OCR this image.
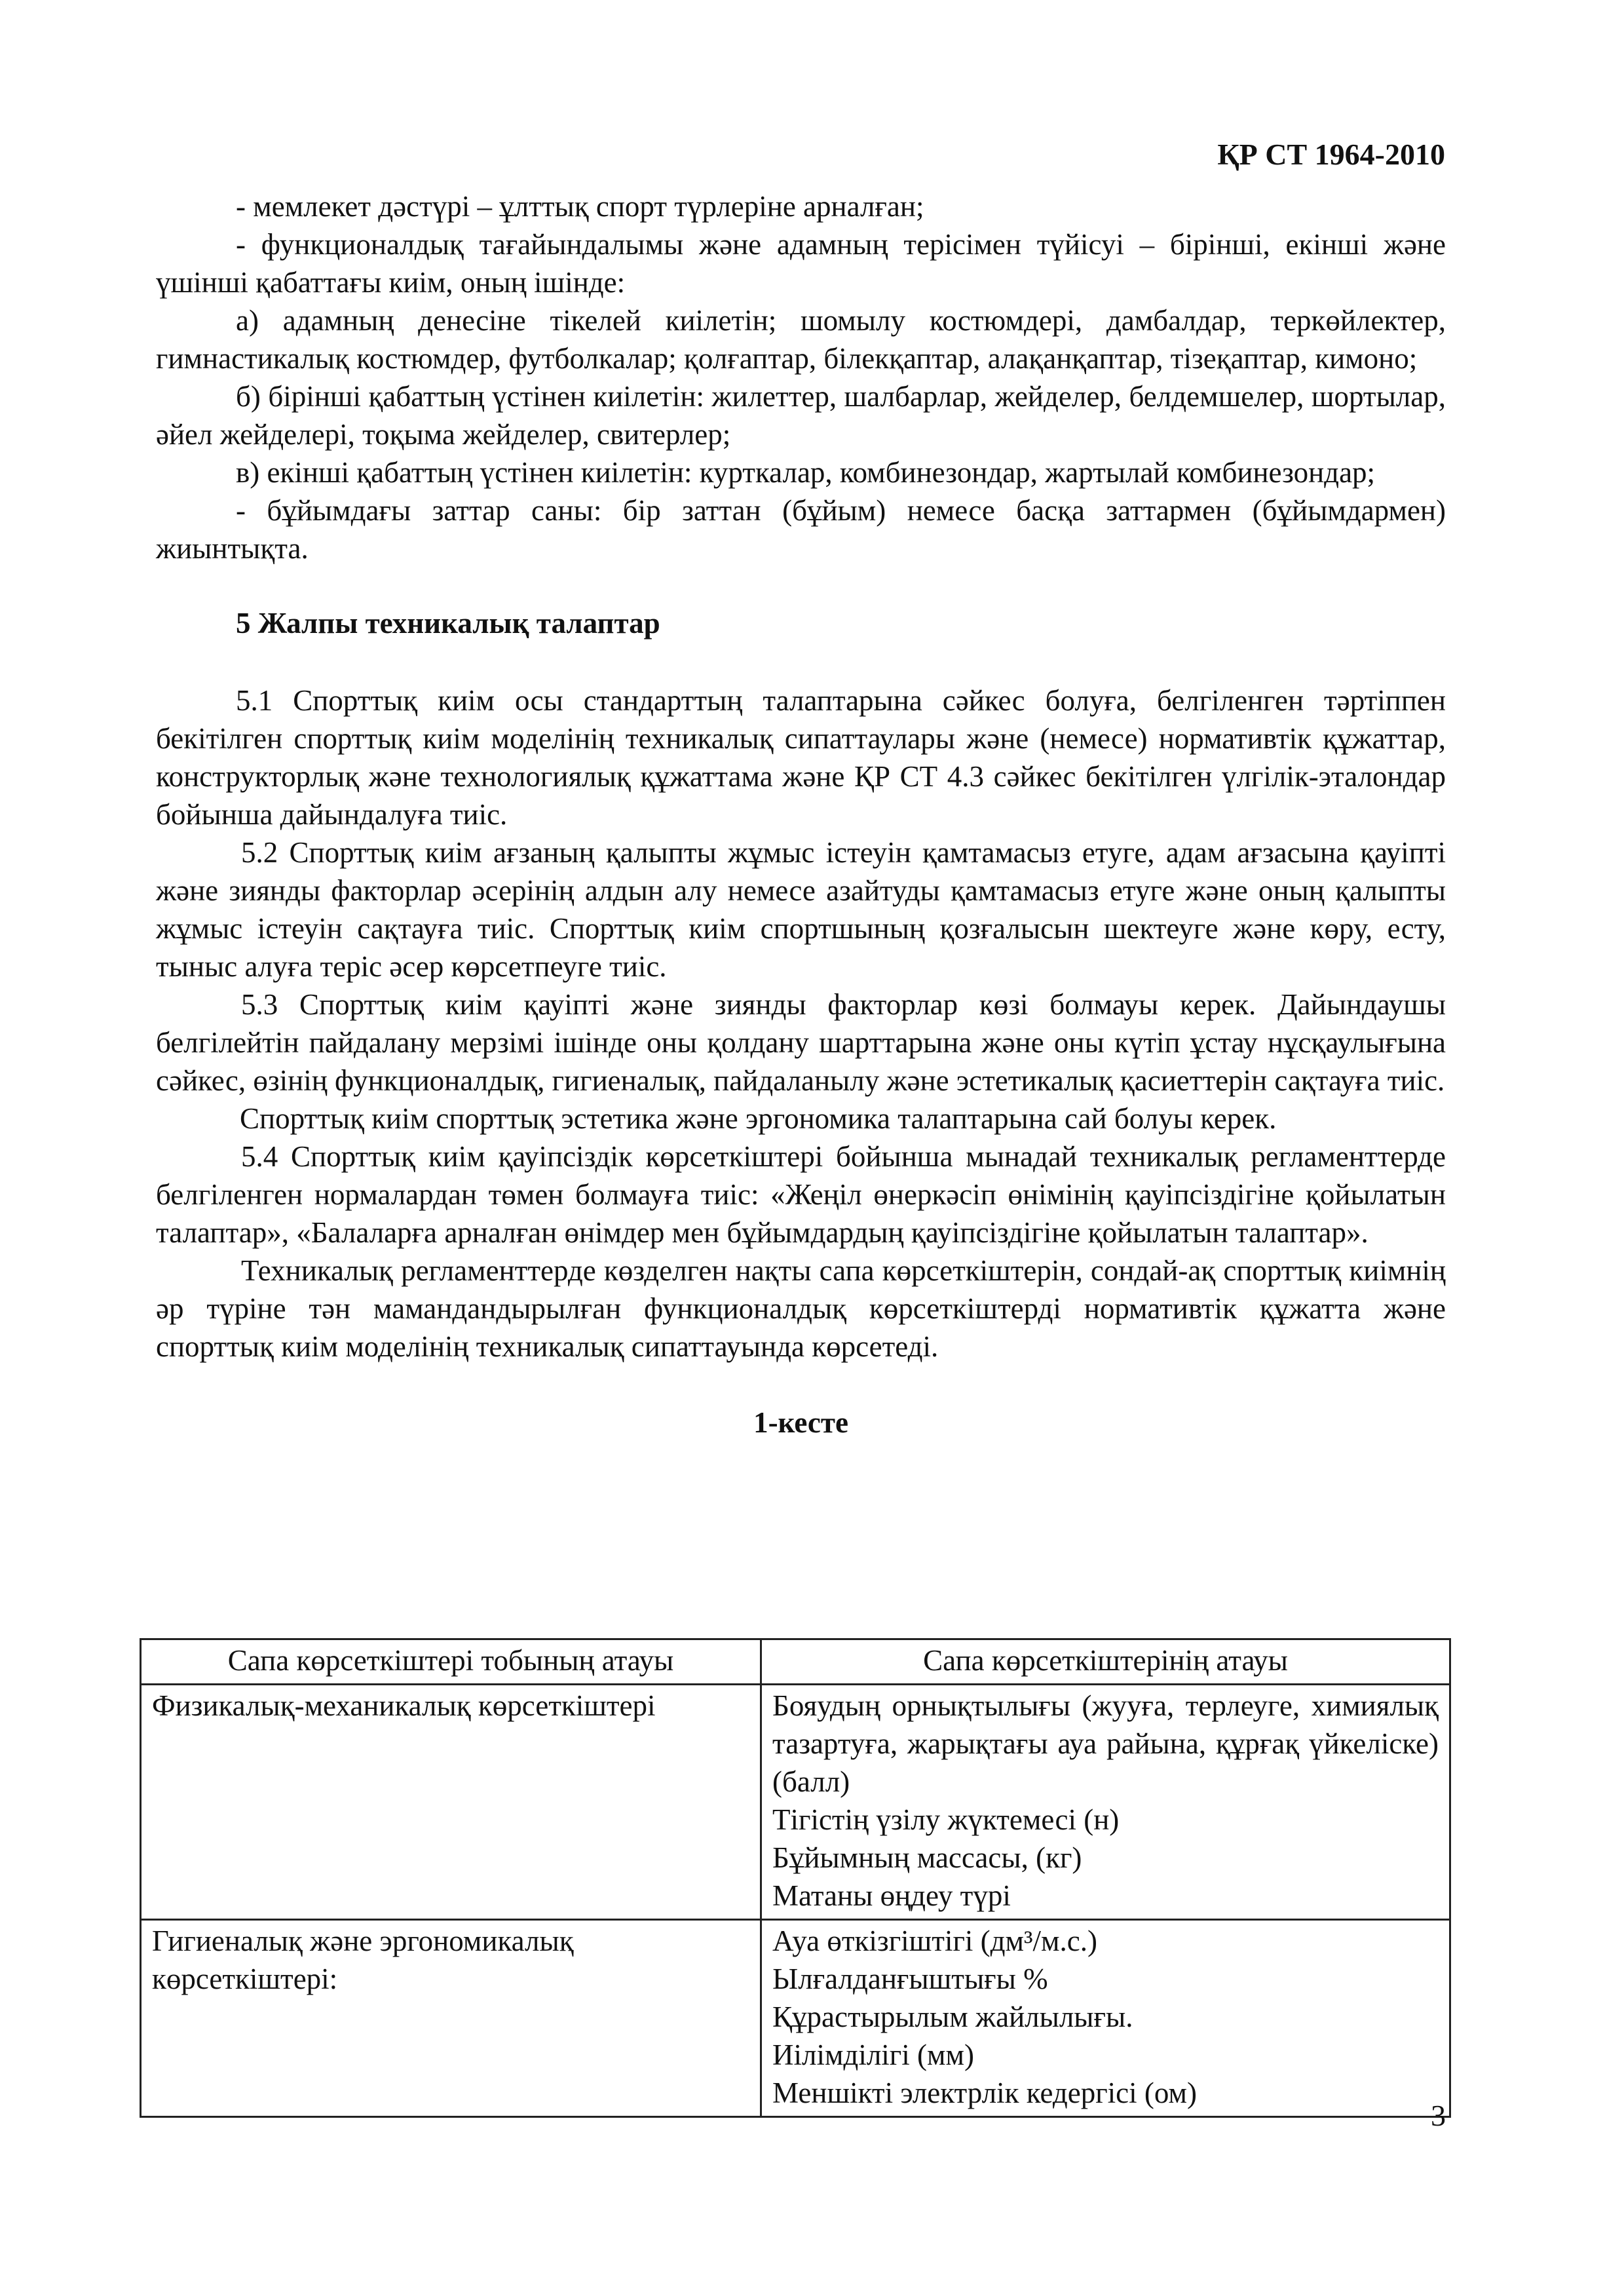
ҚР СТ 1964-2010

- мемлекет дәстүрі – ұлттық спорт түрлеріне арналған;

- функционалдық тағайындалымы және адамның терісімен түйісуі – бірінші, екінші және үшінші қабаттағы киім, оның ішінде:

а) адамның денесіне тікелей киілетін; шомылу костюмдері, дамбалдар, теркөйлектер, гимнастикалық костюмдер, футболкалар; қолғаптар, білекқаптар, алақанқаптар, тізеқаптар, кимоно;

б) бірінші қабаттың үстінен киілетін: жилеттер, шалбарлар, жейделер, белдемшелер, шортылар, әйел жейделері, тоқыма жейделер, свитерлер;

в) екінші қабаттың үстінен киілетін: курткалар, комбинезондар, жартылай комбинезондар;

- бұйымдағы заттар саны: бір заттан (бұйым) немесе басқа заттармен (бұйымдармен) жиынтықта.

5 Жалпы техникалық талаптар

5.1 Спорттық киім осы стандарттың талаптарына сәйкес болуға, белгіленген тәртіппен бекітілген спорттық киім моделінің техникалық сипаттаулары және (немесе) нормативтік құжаттар, конструкторлық және технологиялық құжаттама және ҚР СТ 4.3 сәйкес бекітілген үлгілік-эталондар бойынша дайындалуға тиіс.

5.2 Спорттық киім ағзаның қалыпты жұмыс істеуін қамтамасыз етуге, адам ағзасына қауіпті және зиянды факторлар әсерінің алдын алу немесе азайтуды қамтамасыз етуге және оның қалыпты жұмыс істеуін сақтауға тиіс. Спорттық киім спортшының қозғалысын шектеуге және көру, есту, тыныс алуға теріс әсер көрсетпеуге тиіс.

5.3 Спорттық киім қауіпті және зиянды факторлар көзі болмауы керек. Дайындаушы белгілейтін пайдалану мерзімі ішінде оны қолдану шарттарына және оны күтіп ұстау нұсқаулығына сәйкес, өзінің функционалдық, гигиеналық, пайдаланылу және эстетикалық қасиеттерін сақтауға тиіс.

Спорттық киім спорттық эстетика және эргономика талаптарына сай болуы керек.

5.4 Спорттық киім қауіпсіздік көрсеткіштері бойынша мынадай техникалық регламенттерде белгіленген нормалардан төмен болмауға тиіс: «Жеңіл өнеркәсіп өнімінің қауіпсіздігіне қойылатын талаптар», «Балаларға арналған өнімдер мен бұйымдардың қауіпсіздігіне қойылатын талаптар».

Техникалық регламенттерде көзделген нақты сапа көрсеткіштерін, сондай-ақ спорттық киімнің әр түріне тән мамандандырылған функционалдық көрсеткіштерді нормативтік құжатта және спорттық киім моделінің техникалық сипаттауында көрсетеді.

1-кесте

Сапа көрсеткіштері тобының атауы	Сапа көрсеткіштерінің атауы
Физикалық-механикалық көрсеткіштері	Бояудың орнықтылығы (жууға, терлеуге, химиялық тазартуға, жарықтағы ауа райына, құрғақ үйкеліске) (балл)
Тігістің үзілу жүктемесі (н)
Бұйымның массасы, (кг)
Матаны өңдеу түрі

Гигиеналық және эргономикалық көрсеткіштері:	Ауа өткізгіштігі (дм³/м.с.)
Ылғалданғыштығы %
Құрастырылым жайлылығы.
Иілімділігі (мм)
Меншікті электрлік кедергісі (ом)
3
